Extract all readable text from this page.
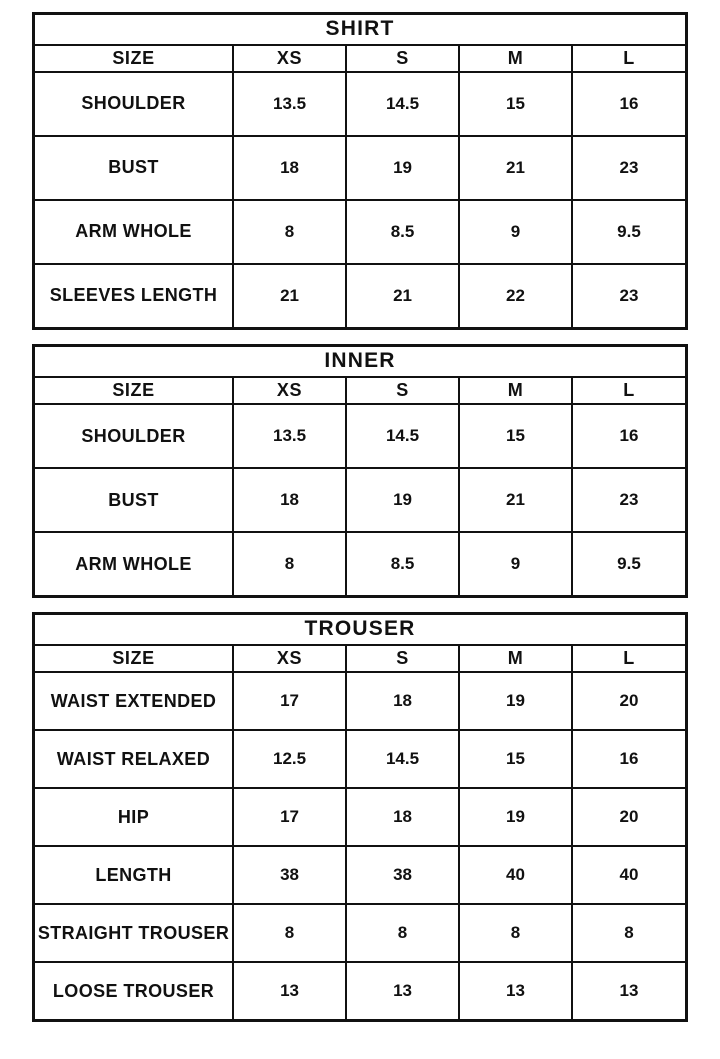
SHIRT				
SIZE	XS	S	M	L
SHOULDER	13.5	14.5	15	16
BUST	18	19	21	23
ARM WHOLE	8	8.5	9	9.5
SLEEVES LENGTH	21	21	22	23
INNER				
SIZE	XS	S	M	L
SHOULDER	13.5	14.5	15	16
BUST	18	19	21	23
ARM WHOLE	8	8.5	9	9.5
TROUSER				
SIZE	XS	S	M	L
WAIST EXTENDED	17	18	19	20
WAIST RELAXED	12.5	14.5	15	16
HIP	17	18	19	20
LENGTH	38	38	40	40
STRAIGHT TROUSER	8	8	8	8
LOOSE TROUSER	13	13	13	13
